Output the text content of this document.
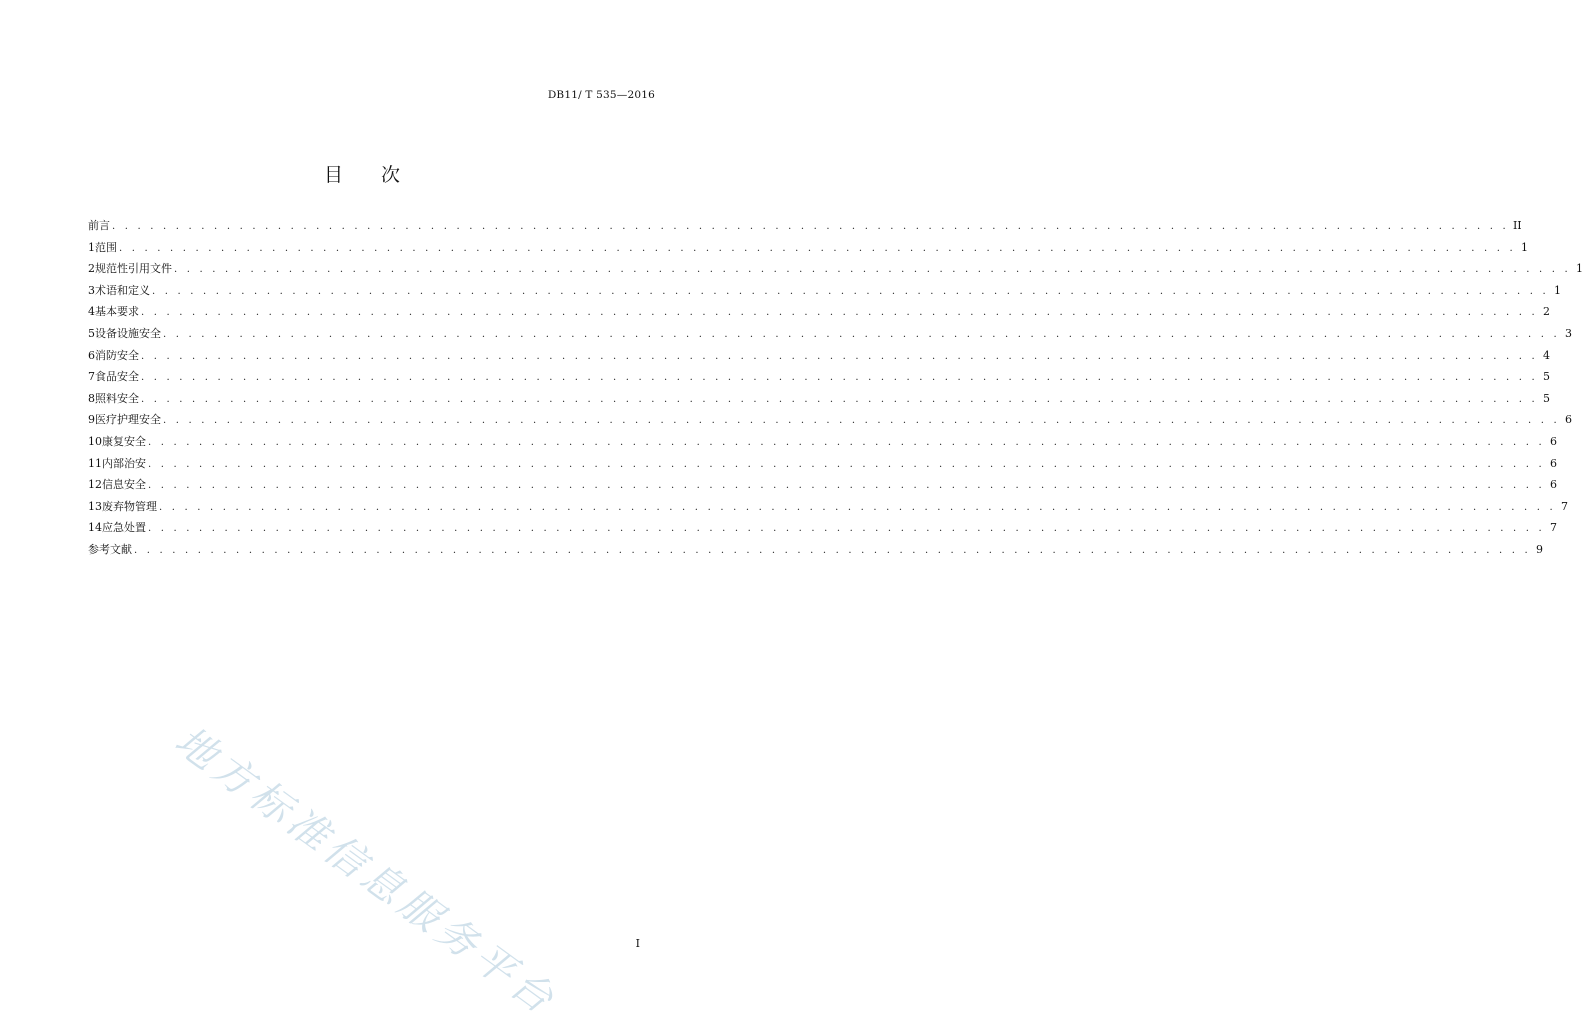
DB11/ T 535—2016
目 次
前言 . . . . . . . . . . . . . . . . . . . . . . . . . . . . . . . . . . . . . . . . . . . . . . . . . . . . . . . . . . . . . . . . . . . . . . . . . . . . . . . . . . . . . . . . . . . . . . . . . . . . . . . . . . . . . . II
1 范围 . . . . . . . . . . . . . . . . . . . . . . . . . . . . . . . . . . . . . . . . . . . . . . . . . . . . . . . . . . . . . . . . . . . . . . . . . . . . . . . . . . . . . . . . . . . . . . . . . . . . . . . . . . . . . . 1
2 规范性引用文件 . . . . . . . . . . . . . . . . . . . . . . . . . . . . . . . . . . . . . . . . . . . . . . . . . . . . . . . . . . . . . . . . . . . . . . . . . . . . . . . . . . . . . . . . . . . . . . . . . . . . . . . . . . . . . . 1
3 术语和定义 . . . . . . . . . . . . . . . . . . . . . . . . . . . . . . . . . . . . . . . . . . . . . . . . . . . . . . . . . . . . . . . . . . . . . . . . . . . . . . . . . . . . . . . . . . . . . . . . . . . . . . . . . . . . . . 1
4 基本要求 . . . . . . . . . . . . . . . . . . . . . . . . . . . . . . . . . . . . . . . . . . . . . . . . . . . . . . . . . . . . . . . . . . . . . . . . . . . . . . . . . . . . . . . . . . . . . . . . . . . . . . . . . . . . . . 2
5 设备设施安全 . . . . . . . . . . . . . . . . . . . . . . . . . . . . . . . . . . . . . . . . . . . . . . . . . . . . . . . . . . . . . . . . . . . . . . . . . . . . . . . . . . . . . . . . . . . . . . . . . . . . . . . . . . . . . . 3
6 消防安全 . . . . . . . . . . . . . . . . . . . . . . . . . . . . . . . . . . . . . . . . . . . . . . . . . . . . . . . . . . . . . . . . . . . . . . . . . . . . . . . . . . . . . . . . . . . . . . . . . . . . . . . . . . . . . . 4
7 食品安全 . . . . . . . . . . . . . . . . . . . . . . . . . . . . . . . . . . . . . . . . . . . . . . . . . . . . . . . . . . . . . . . . . . . . . . . . . . . . . . . . . . . . . . . . . . . . . . . . . . . . . . . . . . . . . . 5
8 照料安全 . . . . . . . . . . . . . . . . . . . . . . . . . . . . . . . . . . . . . . . . . . . . . . . . . . . . . . . . . . . . . . . . . . . . . . . . . . . . . . . . . . . . . . . . . . . . . . . . . . . . . . . . . . . . . . 5
9 医疗护理安全 . . . . . . . . . . . . . . . . . . . . . . . . . . . . . . . . . . . . . . . . . . . . . . . . . . . . . . . . . . . . . . . . . . . . . . . . . . . . . . . . . . . . . . . . . . . . . . . . . . . . . . . . . . . . . . 6
10 康复安全 . . . . . . . . . . . . . . . . . . . . . . . . . . . . . . . . . . . . . . . . . . . . . . . . . . . . . . . . . . . . . . . . . . . . . . . . . . . . . . . . . . . . . . . . . . . . . . . . . . . . . . . . . . . . . . 6
11 内部治安 . . . . . . . . . . . . . . . . . . . . . . . . . . . . . . . . . . . . . . . . . . . . . . . . . . . . . . . . . . . . . . . . . . . . . . . . . . . . . . . . . . . . . . . . . . . . . . . . . . . . . . . . . . . . . . 6
12 信息安全 . . . . . . . . . . . . . . . . . . . . . . . . . . . . . . . . . . . . . . . . . . . . . . . . . . . . . . . . . . . . . . . . . . . . . . . . . . . . . . . . . . . . . . . . . . . . . . . . . . . . . . . . . . . . . . 6
13 废弃物管理 . . . . . . . . . . . . . . . . . . . . . . . . . . . . . . . . . . . . . . . . . . . . . . . . . . . . . . . . . . . . . . . . . . . . . . . . . . . . . . . . . . . . . . . . . . . . . . . . . . . . . . . . . . . . . . 7
14 应急处置 . . . . . . . . . . . . . . . . . . . . . . . . . . . . . . . . . . . . . . . . . . . . . . . . . . . . . . . . . . . . . . . . . . . . . . . . . . . . . . . . . . . . . . . . . . . . . . . . . . . . . . . . . . . . . . 7
参考文献 . . . . . . . . . . . . . . . . . . . . . . . . . . . . . . . . . . . . . . . . . . . . . . . . . . . . . . . . . . . . . . . . . . . . . . . . . . . . . . . . . . . . . . . . . . . . . . . . . . . . . . . . . . . . . . 9
地方标准信息服务平台	I
